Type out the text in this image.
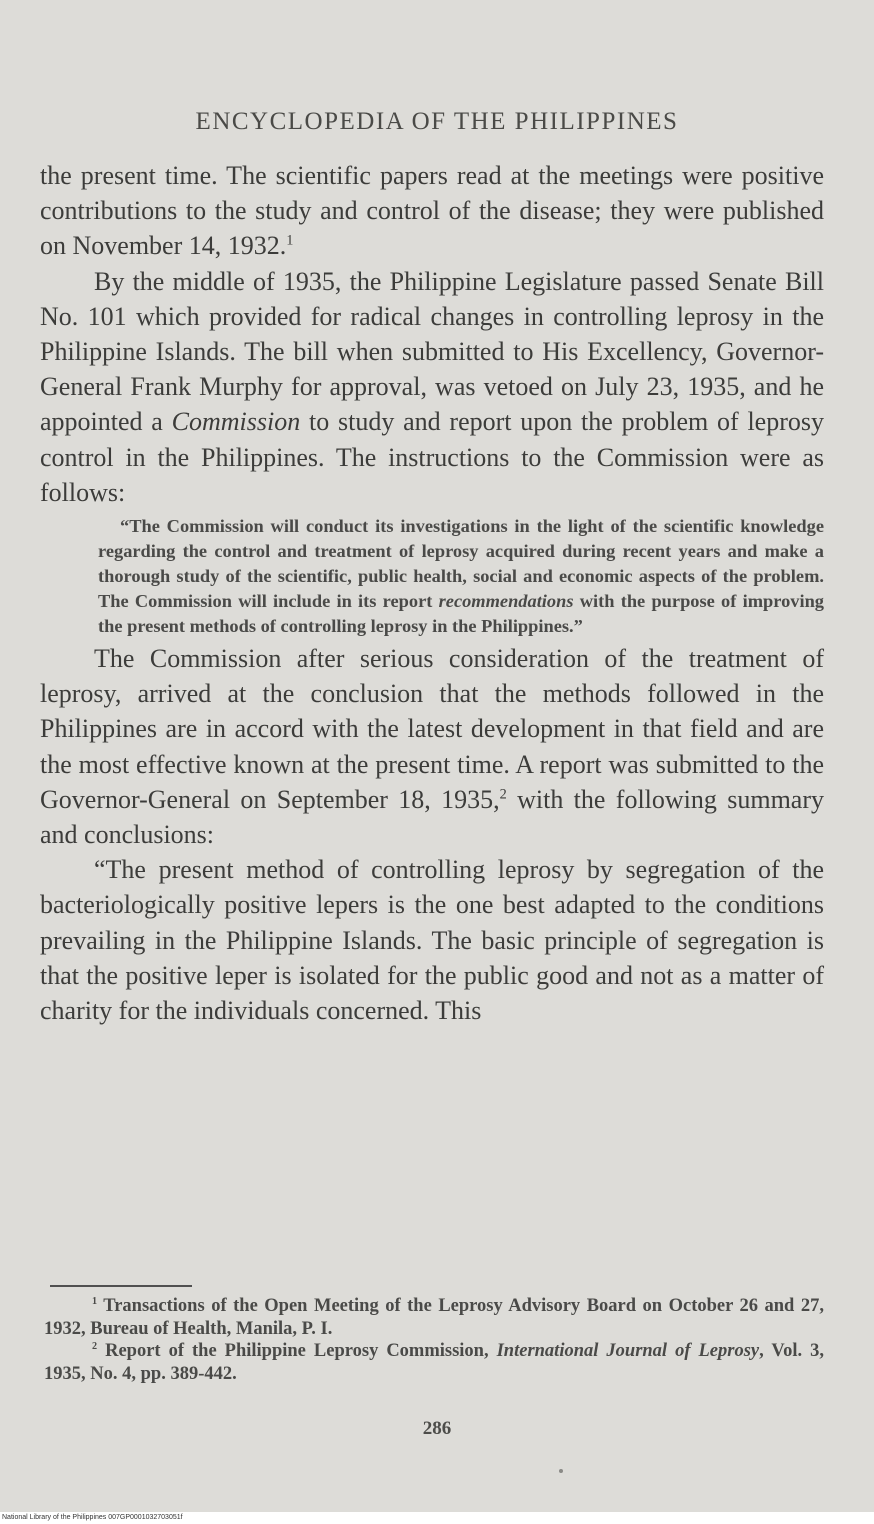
ENCYCLOPEDIA OF THE PHILIPPINES

the present time. The scientific papers read at the meetings were positive contributions to the study and control of the disease; they were published on November 14, 1932.$^1$

By the middle of 1935, the Philippine Legislature passed Senate Bill No. 101 which provided for radical changes in controlling leprosy in the Philippine Islands. The bill when submitted to His Excellency, Governor-General Frank Murphy for approval, was vetoed on July 23, 1935, and he appointed a Commission to study and report upon the problem of leprosy control in the Philippines. The instructions to the Commission were as follows:

“The Commission will conduct its investigations in the light of the scientific knowledge regarding the control and treatment of leprosy acquired during recent years and make a thorough study of the scientific, public health, social and economic aspects of the problem. The Commission will include in its report recommendations with the purpose of improving the present methods of controlling leprosy in the Philippines.”

The Commission after serious consideration of the treatment of leprosy, arrived at the conclusion that the methods followed in the Philippines are in accord with the latest development in that field and are the most effective known at the present time. A report was submitted to the Governor-General on September 18, 1935,$^2$ with the following summary and conclusions:

“The present method of controlling leprosy by segregation of the bacteriologically positive lepers is the one best adapted to the conditions prevailing in the Philippine Islands. The basic principle of segregation is that the positive leper is isolated for the public good and not as a matter of charity for the individuals concerned. This

$^1$ Transactions of the Open Meeting of the Leprosy Advisory Board on October 26 and 27, 1932, Bureau of Health, Manila, P. I.

$^2$ Report of the Philippine Leprosy Commission, International Journal of Leprosy, Vol. 3, 1935, No. 4, pp. 389-442.

286
National Library of the Philippines 007GP0001032703051f
